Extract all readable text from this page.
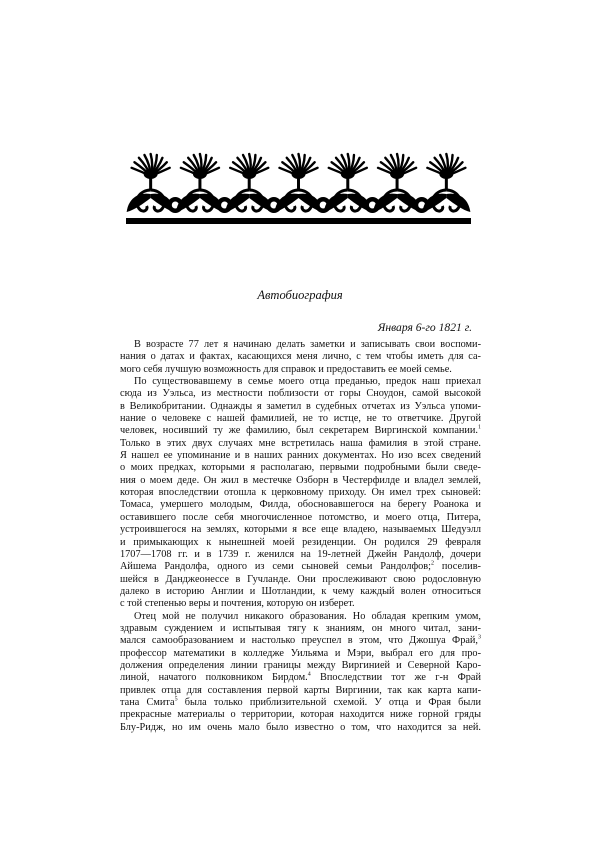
Автобиография
Января 6-го 1821 г.
В возрасте 77 лет я начинаю делать заметки и записывать свои воспоми-
нания о датах и фактах, касающихся меня лично, с тем чтобы иметь для са-
мого себя лучшую возможность для справок и предоставить ее моей семье.
По существовавшему в семье моего отца преданью, предок наш приехал
сюда из Уэльса, из местности поблизости от горы Сноудон, самой высокой
в Великобритании. Однажды я заметил в судебных отчетах из Уэльса упоми-
нание о человеке с нашей фамилией, не то истце, не то ответчике. Другой
человек, носивший ту же фамилию, был секретарем Виргинской компании.$^1$
Только в этих двух случаях мне встретилась наша фамилия в этой стране.
Я нашел ее упоминание и в наших ранних документах. Но изо всех сведений
о моих предках, которыми я располагаю, первыми подробными были сведе-
ния о моем деде. Он жил в местечке Озборн в Честерфилде и владел землей,
которая впоследствии отошла к церковному приходу. Он имел трех сыновей:
Томаса, умершего молодым, Филда, обосновавшегося на берегу Роанока и
оставившего после себя многочисленное потомство, и моего отца, Питера,
устроившегося на землях, которыми я все еще владею, называемых Шедуэлл
и примыкающих к нынешней моей резиденции. Он родился 29 февраля
1707—1708 гг. и в 1739 г. женился на 19-летней Джейн Рандолф, дочери
Айшема Рандолфа, одного из семи сыновей семьи Рандолфов;$^2$ поселив-
шейся в Данджeонессе в Гучланде. Они прослеживают свою родословную
далеко в историю Англии и Шотландии, к чему каждый волен относиться
с той степенью веры и почтения, которую он изберет.
Отец мой не получил никакого образования. Но обладая крепким умом,
здравым суждением и испытывая тягу к знаниям, он много читал, зани-
мался самообразованием и настолько преуспел в этом, что Джошуа Фрай,$^3$
профессор математики в колледже Уильяма и Мэри, выбрал его для про-
должения определения линии границы между Виргинией и Северной Каро-
линой, начатого полковником Бирдом.$^4$ Впоследствии тот же г-н Фрай
привлек отца для составления первой карты Виргинии, так как карта капи-
тана Смита$^5$ была только приблизительной схемой. У отца и Фрая были
прекрасные материалы о территории, которая находится ниже горной гряды
Блу-Ридж, но им очень мало было известно о том, что находится за ней.
